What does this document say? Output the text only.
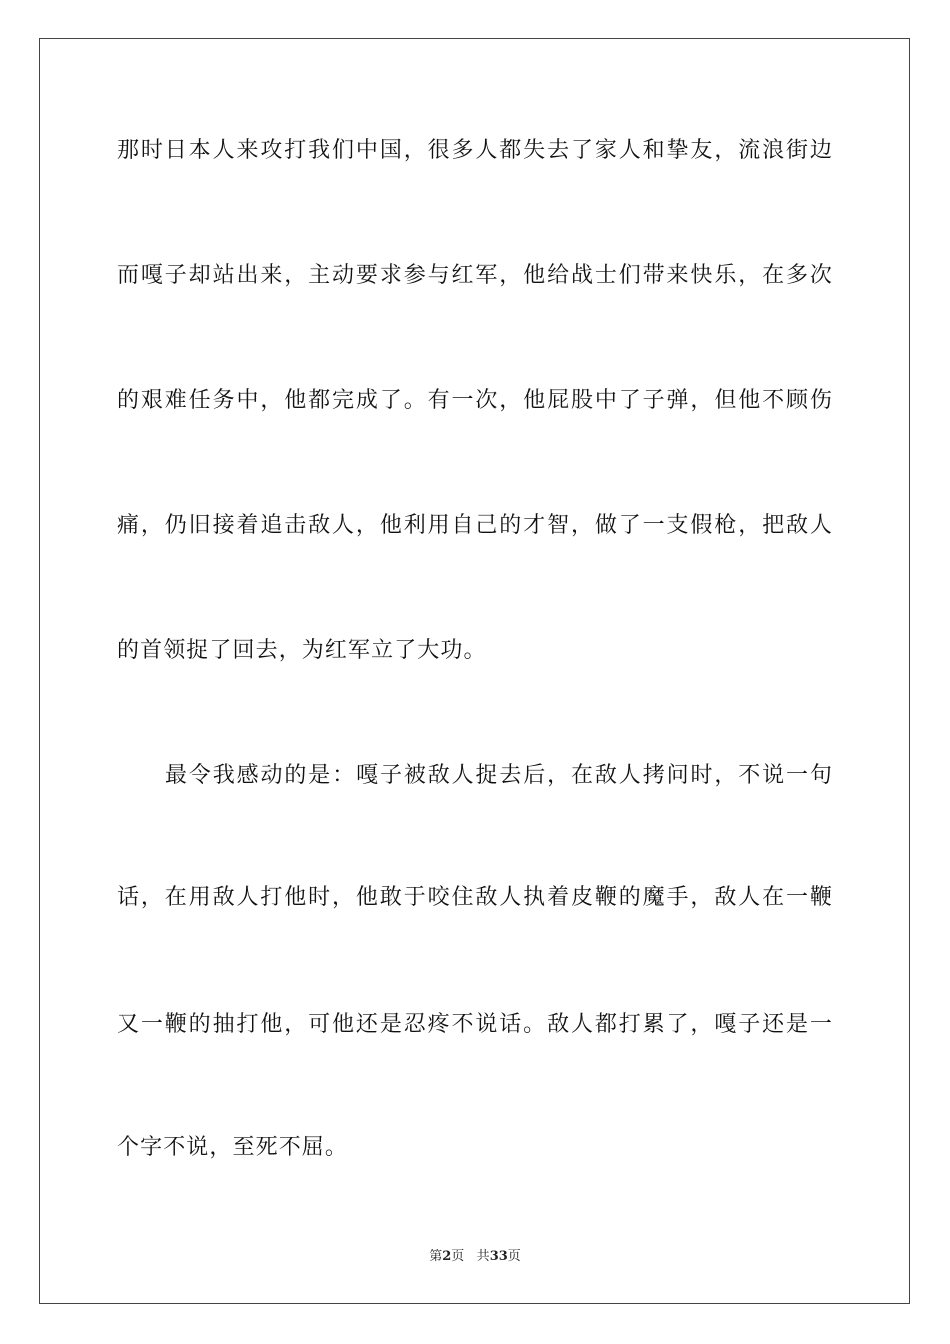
那时日本人来攻打我们中国，很多人都失去了家人和挚友，流浪街边
而嘎子却站出来，主动要求参与红军，他给战士们带来快乐，在多次
的艰难任务中，他都完成了。有一次，他屁股中了子弹，但他不顾伤
痛，仍旧接着追击敌人，他利用自己的才智，做了一支假枪，把敌人
的首领捉了回去，为红军立了大功。
最令我感动的是：嘎子被敌人捉去后，在敌人拷问时，不说一句
话，在用敌人打他时，他敢于咬住敌人执着皮鞭的魔手，敌人在一鞭
又一鞭的抽打他，可他还是忍疼不说话。敌人都打累了，嘎子还是一
个字不说，至死不屈。
第2页 共33页
